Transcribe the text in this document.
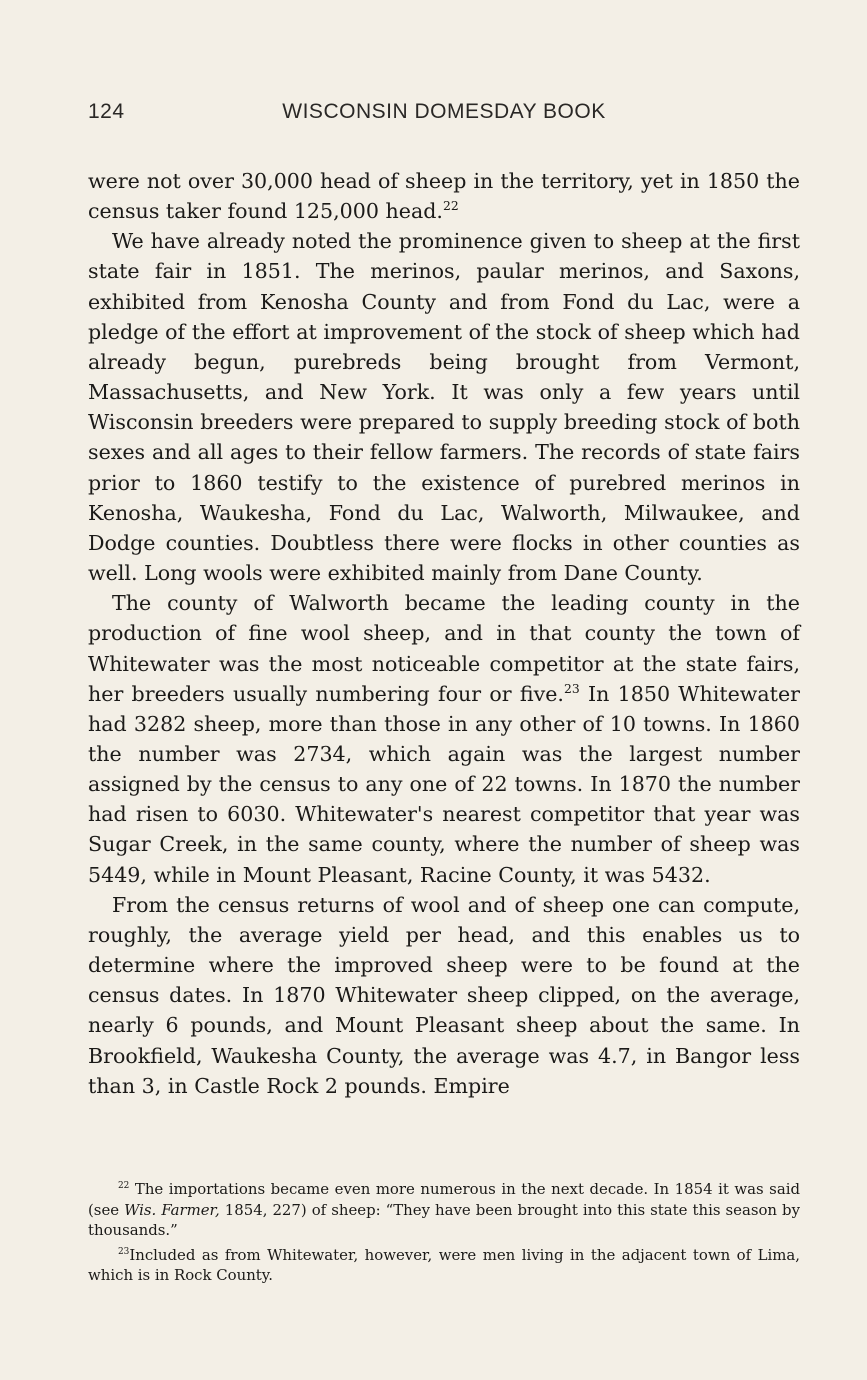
124	WISCONSIN DOMESDAY BOOK

were not over 30,000 head of sheep in the territory, yet in 1850 the census taker found 125,000 head.$^{22}$

We have already noted the prominence given to sheep at the first state fair in 1851. The merinos, paular merinos, and Saxons, exhibited from Kenosha County and from Fond du Lac, were a pledge of the effort at improvement of the stock of sheep which had already begun, purebreds being brought from Vermont, Massachusetts, and New York. It was only a few years until Wisconsin breeders were prepared to supply breeding stock of both sexes and all ages to their fellow farmers. The records of state fairs prior to 1860 testify to the existence of purebred merinos in Kenosha, Waukesha, Fond du Lac, Walworth, Milwaukee, and Dodge counties. Doubtless there were flocks in other counties as well. Long wools were exhibited mainly from Dane County.

The county of Walworth became the leading county in the production of fine wool sheep, and in that county the town of Whitewater was the most noticeable competitor at the state fairs, her breeders usually numbering four or five.$^{23}$ In 1850 Whitewater had 3282 sheep, more than those in any other of 10 towns. In 1860 the number was 2734, which again was the largest number assigned by the census to any one of 22 towns. In 1870 the number had risen to 6030. Whitewater's nearest competitor that year was Sugar Creek, in the same county, where the number of sheep was 5449, while in Mount Pleasant, Racine County, it was 5432.

From the census returns of wool and of sheep one can compute, roughly, the average yield per head, and this enables us to determine where the improved sheep were to be found at the census dates. In 1870 Whitewater sheep clipped, on the average, nearly 6 pounds, and Mount Pleasant sheep about the same. In Brookfield, Waukesha County, the average was 4.7, in Bangor less than 3, in Castle Rock 2 pounds. Empire

$^{22}$ The importations became even more numerous in the next decade. In 1854 it was said (see Wis. Farmer, 1854, 227) of sheep: “They have been brought into this state this season by thousands.”

$^{23}$Included as from Whitewater, however, were men living in the adjacent town of Lima, which is in Rock County.
